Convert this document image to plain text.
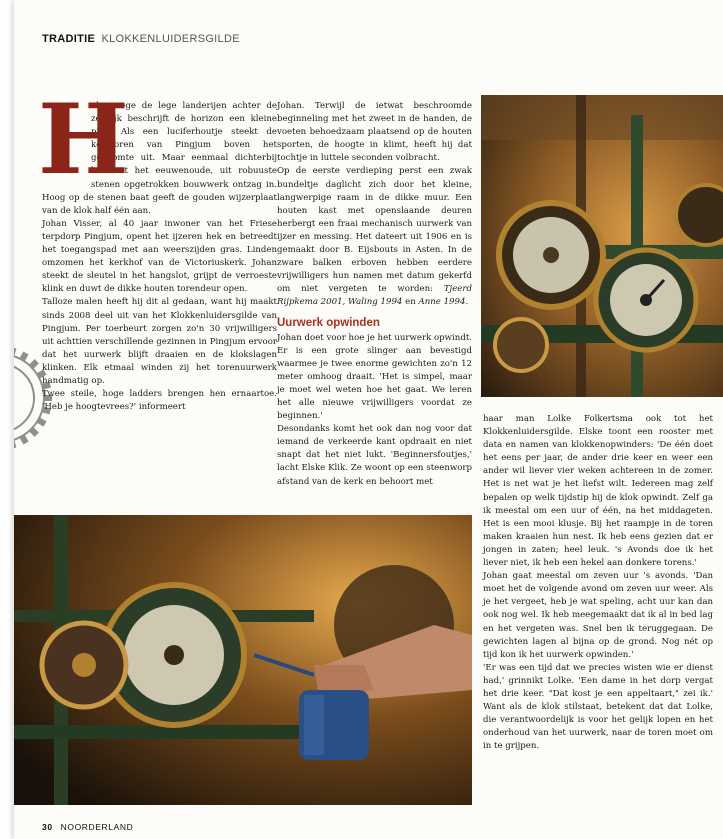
TRADITIE KLOKKENLUIDERSGILDE
H

alverwege de lege landerijen achter de zeedijk beschrijft de horizon een kleine piek. Als een luciferhoutje steekt de kerktoren van Pingjum boven het geboomte uit. Maar eenmaal dichterbij boezemt het eeuwenoude, uit robuuste stenen opgetrokken bouwwerk ontzag in. Hoog op de stenen baat geeft de gouden wijzerplaat van de klok half één aan.

Johan Visser, al 40 jaar inwoner van het Friese terpdorp Pingjum, opent het ijzeren hek en betreedt het toegangspad met aan weerszijden gras. Linden omzomen het kerkhof van de Victoriuskerk. Johan steekt de sleutel in het hangslot, grijpt de verroeste klink en duwt de dikke houten torendeur open.

Talloze malen heeft hij dit al gedaan, want hij maakt sinds 2008 deel uit van het Klokkenluidersgilde van Pingjum. Per toerbeurt zorgen zo'n 30 vrijwilligers uit achttien verschillende gezinnen in Pingjum ervoor dat het uurwerk blijft draaien en de klokslagen klinken. Elk etmaal winden zij het torenuurwerk handmatig op.

Twee steile, hoge ladders brengen hen ernaartoe. 'Heb je hoogtevrees?' informeert

Johan. Terwijl de ietwat beschroomde beginneling met het zweet in de handen, de voeten behoedzaam plaatsend op de houten sporten, de hoogte in klimt, heeft hij dat tochtje in luttele seconden volbracht.

Op de eerste verdieping perst een zwak bundeltje daglicht zich door het kleine, langwerpige raam in de dikke muur. Een houten kast met openslaande deuren herbergt een fraai mechanisch uurwerk van ijzer en messing. Het dateert uit 1906 en is gemaakt door B. Eijsbouts in Asten. In de zware balken erboven hebben eerdere vrijwilligers hun namen met datum gekerfd om niet vergeten te worden: Tjeerd Rijpkema 2001, Waling 1994 en Anne 1994.

Uurwerk opwinden

Johan doet voor hoe je het uurwerk opwindt. Er is een grote slinger aan bevestigd waarmee je twee enorme gewichten zo'n 12 meter omhoog draait. 'Het is simpel, maar je moet wel weten hoe het gaat. We leren het alle nieuwe vrijwilligers voordat ze beginnen.'

Desondanks komt het ook dan nog voor dat iemand de verkeerde kant opdraait en niet snapt dat het niet lukt. 'Beginnersfoutjes,' lacht Elske Klik. Ze woont op een steenworp afstand van de kerk en behoort met

haar man Lolke Folkertsma ook tot het Klokkenluidersgilde. Elske toont een rooster met data en namen van klokkenopwinders: 'De één doet het eens per jaar, de ander drie keer en weer een ander wil liever vier weken achtereen in de zomer. Het is net wat je het liefst wilt. Iedereen mag zelf bepalen op welk tijdstip hij de klok opwindt. Zelf ga ik meestal om een uur of één, na het middageten. Het is een mooi klusje. Bij het raampje in de toren maken kraaien hun nest. Ik heb eens gezien dat er jongen in zaten; heel leuk. 's Avonds doe ik het liever niet, ik heb een hekel aan donkere torens.'

Johan gaat meestal om zeven uur 's avonds. 'Dan moet het de volgende avond om zeven uur weer. Als je het vergeet, heb je wat speling, acht uur kan dan ook nog wel. Ik heb meegemaakt dat ik al in bed lag en het vergeten was. Snel ben ik teruggegaan. De gewichten lagen al bijna op de grond. Nog nét op tijd kon ik het uurwerk opwinden.'

'Er was een tijd dat we precies wisten wie er dienst had,' grinnikt Lolke. 'Een dame in het dorp vergat het drie keer. "Dat kost je een appeltaart," zei ik.' Want als de klok stilstaat, betekent dat dat Lolke, die verantwoordelijk is voor het gelijk lopen en het onderhoud van het uurwerk, naar de toren moet om in te grijpen.

30 NOORDERLAND
